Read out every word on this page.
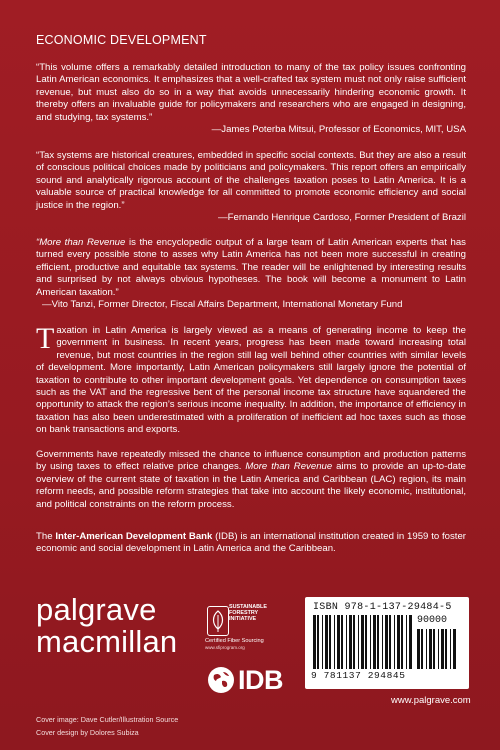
ECONOMIC DEVELOPMENT
“This volume offers a remarkably detailed introduction to many of the tax policy issues confronting Latin American economics. It emphasizes that a well-crafted tax system must not only raise sufficient revenue, but must also do so in a way that avoids unnecessarily hindering economic growth. It thereby offers an invaluable guide for policymakers and researchers who are engaged in designing, and studying, tax systems.”
—James Poterba Mitsui, Professor of Economics, MIT, USA
“Tax systems are historical creatures, embedded in specific social contexts. But they are also a result of conscious political choices made by politicians and policymakers. This report offers an empirically sound and analytically rigorous account of the challenges taxation poses to Latin America. It is a valuable source of practical knowledge for all committed to promote economic efficiency and social justice in the region.”
—Fernando Henrique Cardoso, Former President of Brazil
“More than Revenue is the encyclopedic output of a large team of Latin American experts that has turned every possible stone to asses why Latin America has not been more successful in creating efficient, productive and equitable tax systems. The reader will be enlightened by interesting results and surprised by not always obvious hypotheses. The book will become a monument to Latin American taxation.”
—Vito Tanzi, Former Director, Fiscal Affairs Department, International Monetary Fund
Taxation in Latin America is largely viewed as a means of generating income to keep the government in business. In recent years, progress has been made toward increasing total revenue, but most countries in the region still lag well behind other countries with similar levels of development. More importantly, Latin American policymakers still largely ignore the potential of taxation to contribute to other important development goals. Yet dependence on consumption taxes such as the VAT and the regressive bent of the personal income tax structure have squandered the opportunity to attack the region’s serious income inequality. In addition, the importance of efficiency in taxation has also been underestimated with a proliferation of inefficient ad hoc taxes such as those on bank transactions and exports.
Governments have repeatedly missed the chance to influence consumption and production patterns by using taxes to effect relative price changes. More than Revenue aims to provide an up-to-date overview of the current state of taxation in the Latin America and Caribbean (LAC) region, its main reform needs, and possible reform strategies that take into account the likely economic, institutional, and political constraints on the reform process.
The Inter-American Development Bank (IDB) is an international institution created in 1959 to foster economic and social development in Latin America and the Caribbean.
palgrave
macmillan
SUSTAINABLE FORESTRY INITIATIVE
Certified Fiber Sourcing
www.sfiprogram.org
IDB
ISBN 978-1-137-29484-5
90000
9 781137 294845
www.palgrave.com
Cover image: Dave Cutler/Illustration Source
Cover design by Dolores Subiza
